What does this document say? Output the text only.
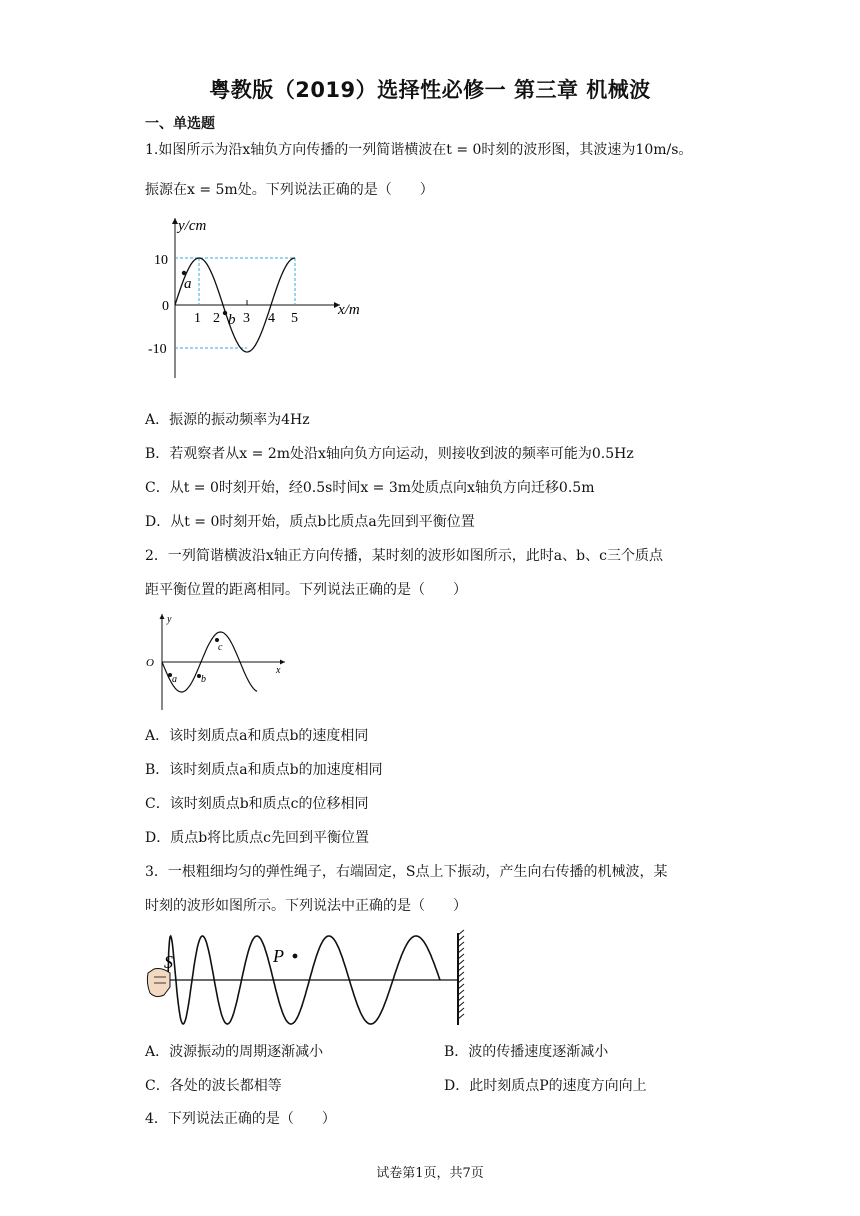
粤教版（2019）选择性必修一 第三章 机械波
一、单选题
1.如图所示为沿x轴负方向传播的一列简谐横波在t = 0时刻的波形图，其波速为10m/s。
振源在x = 5m处。下列说法正确的是（　　）
y/cm
x/m
10
0
-10
1 2 3 4 5
a
b
A．振源的振动频率为4Hz
B．若观察者从x = 2m处沿x轴向负方向运动，则接收到波的频率可能为0.5Hz
C．从t = 0时刻开始，经0.5s时间x = 3m处质点向x轴负方向迁移0.5m
D．从t = 0时刻开始，质点b比质点a先回到平衡位置
2．一列简谐横波沿x轴正方向传播，某时刻的波形如图所示，此时a、b、c三个质点
距平衡位置的距离相同。下列说法正确的是（　　）
y
x
O
a b
c
A．该时刻质点a和质点b的速度相同
B．该时刻质点a和质点b的加速度相同
C．该时刻质点b和质点c的位移相同
D．质点b将比质点c先回到平衡位置
3．一根粗细均匀的弹性绳子，右端固定，S点上下振动，产生向右传播的机械波，某
时刻的波形如图所示。下列说法中正确的是（　　）
S	P
A．波源振动的周期逐渐减小	B．波的传播速度逐渐减小
C．各处的波长都相等	D．此时刻质点P的速度方向向上
4．下列说法正确的是（　　）
试卷第1页，共7页
